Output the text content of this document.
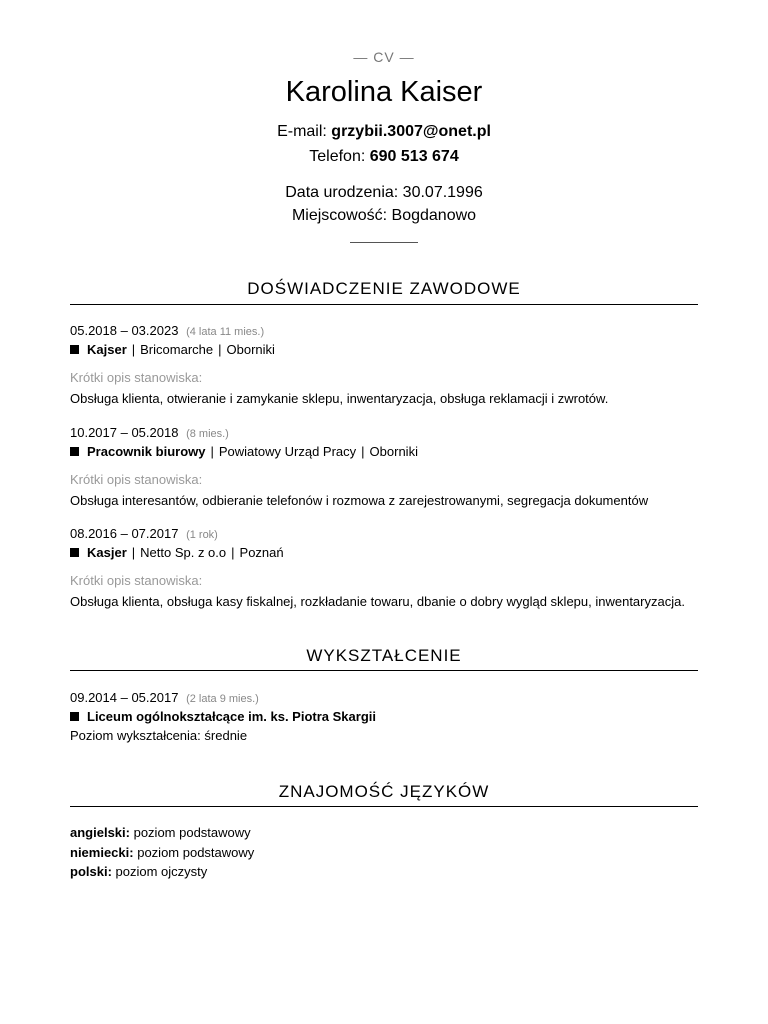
— CV —
Karolina Kaiser
E-mail: grzybii.3007@onet.pl
Telefon: 690 513 674
Data urodzenia: 30.07.1996
Miejscowość: Bogdanowo
DOŚWIADCZENIE ZAWODOWE
05.2018 – 03.2023 (4 lata 11 mies.)
Kajser | Bricomarche | Oborniki
Krótki opis stanowiska:
Obsługa klienta, otwieranie i zamykanie sklepu, inwentaryzacja, obsługa reklamacji i zwrotów.
10.2017 – 05.2018 (8 mies.)
Pracownik biurowy | Powiatowy Urząd Pracy | Oborniki
Krótki opis stanowiska:
Obsługa interesantów, odbieranie telefonów i rozmowa z zarejestrowanymi, segregacja dokumentów
08.2016 – 07.2017 (1 rok)
Kasjer | Netto Sp. z o.o | Poznań
Krótki opis stanowiska:
Obsługa klienta, obsługa kasy fiskalnej, rozkładanie towaru, dbanie o dobry wygląd sklepu, inwentaryzacja.
WYKSZTAŁCENIE
09.2014 – 05.2017 (2 lata 9 mies.)
Liceum ogólnokształcące im. ks. Piotra Skargii
Poziom wykształcenia: średnie
ZNAJOMOŚĆ JĘZYKÓW
angielski: poziom podstawowy
niemiecki: poziom podstawowy
polski: poziom ojczysty
